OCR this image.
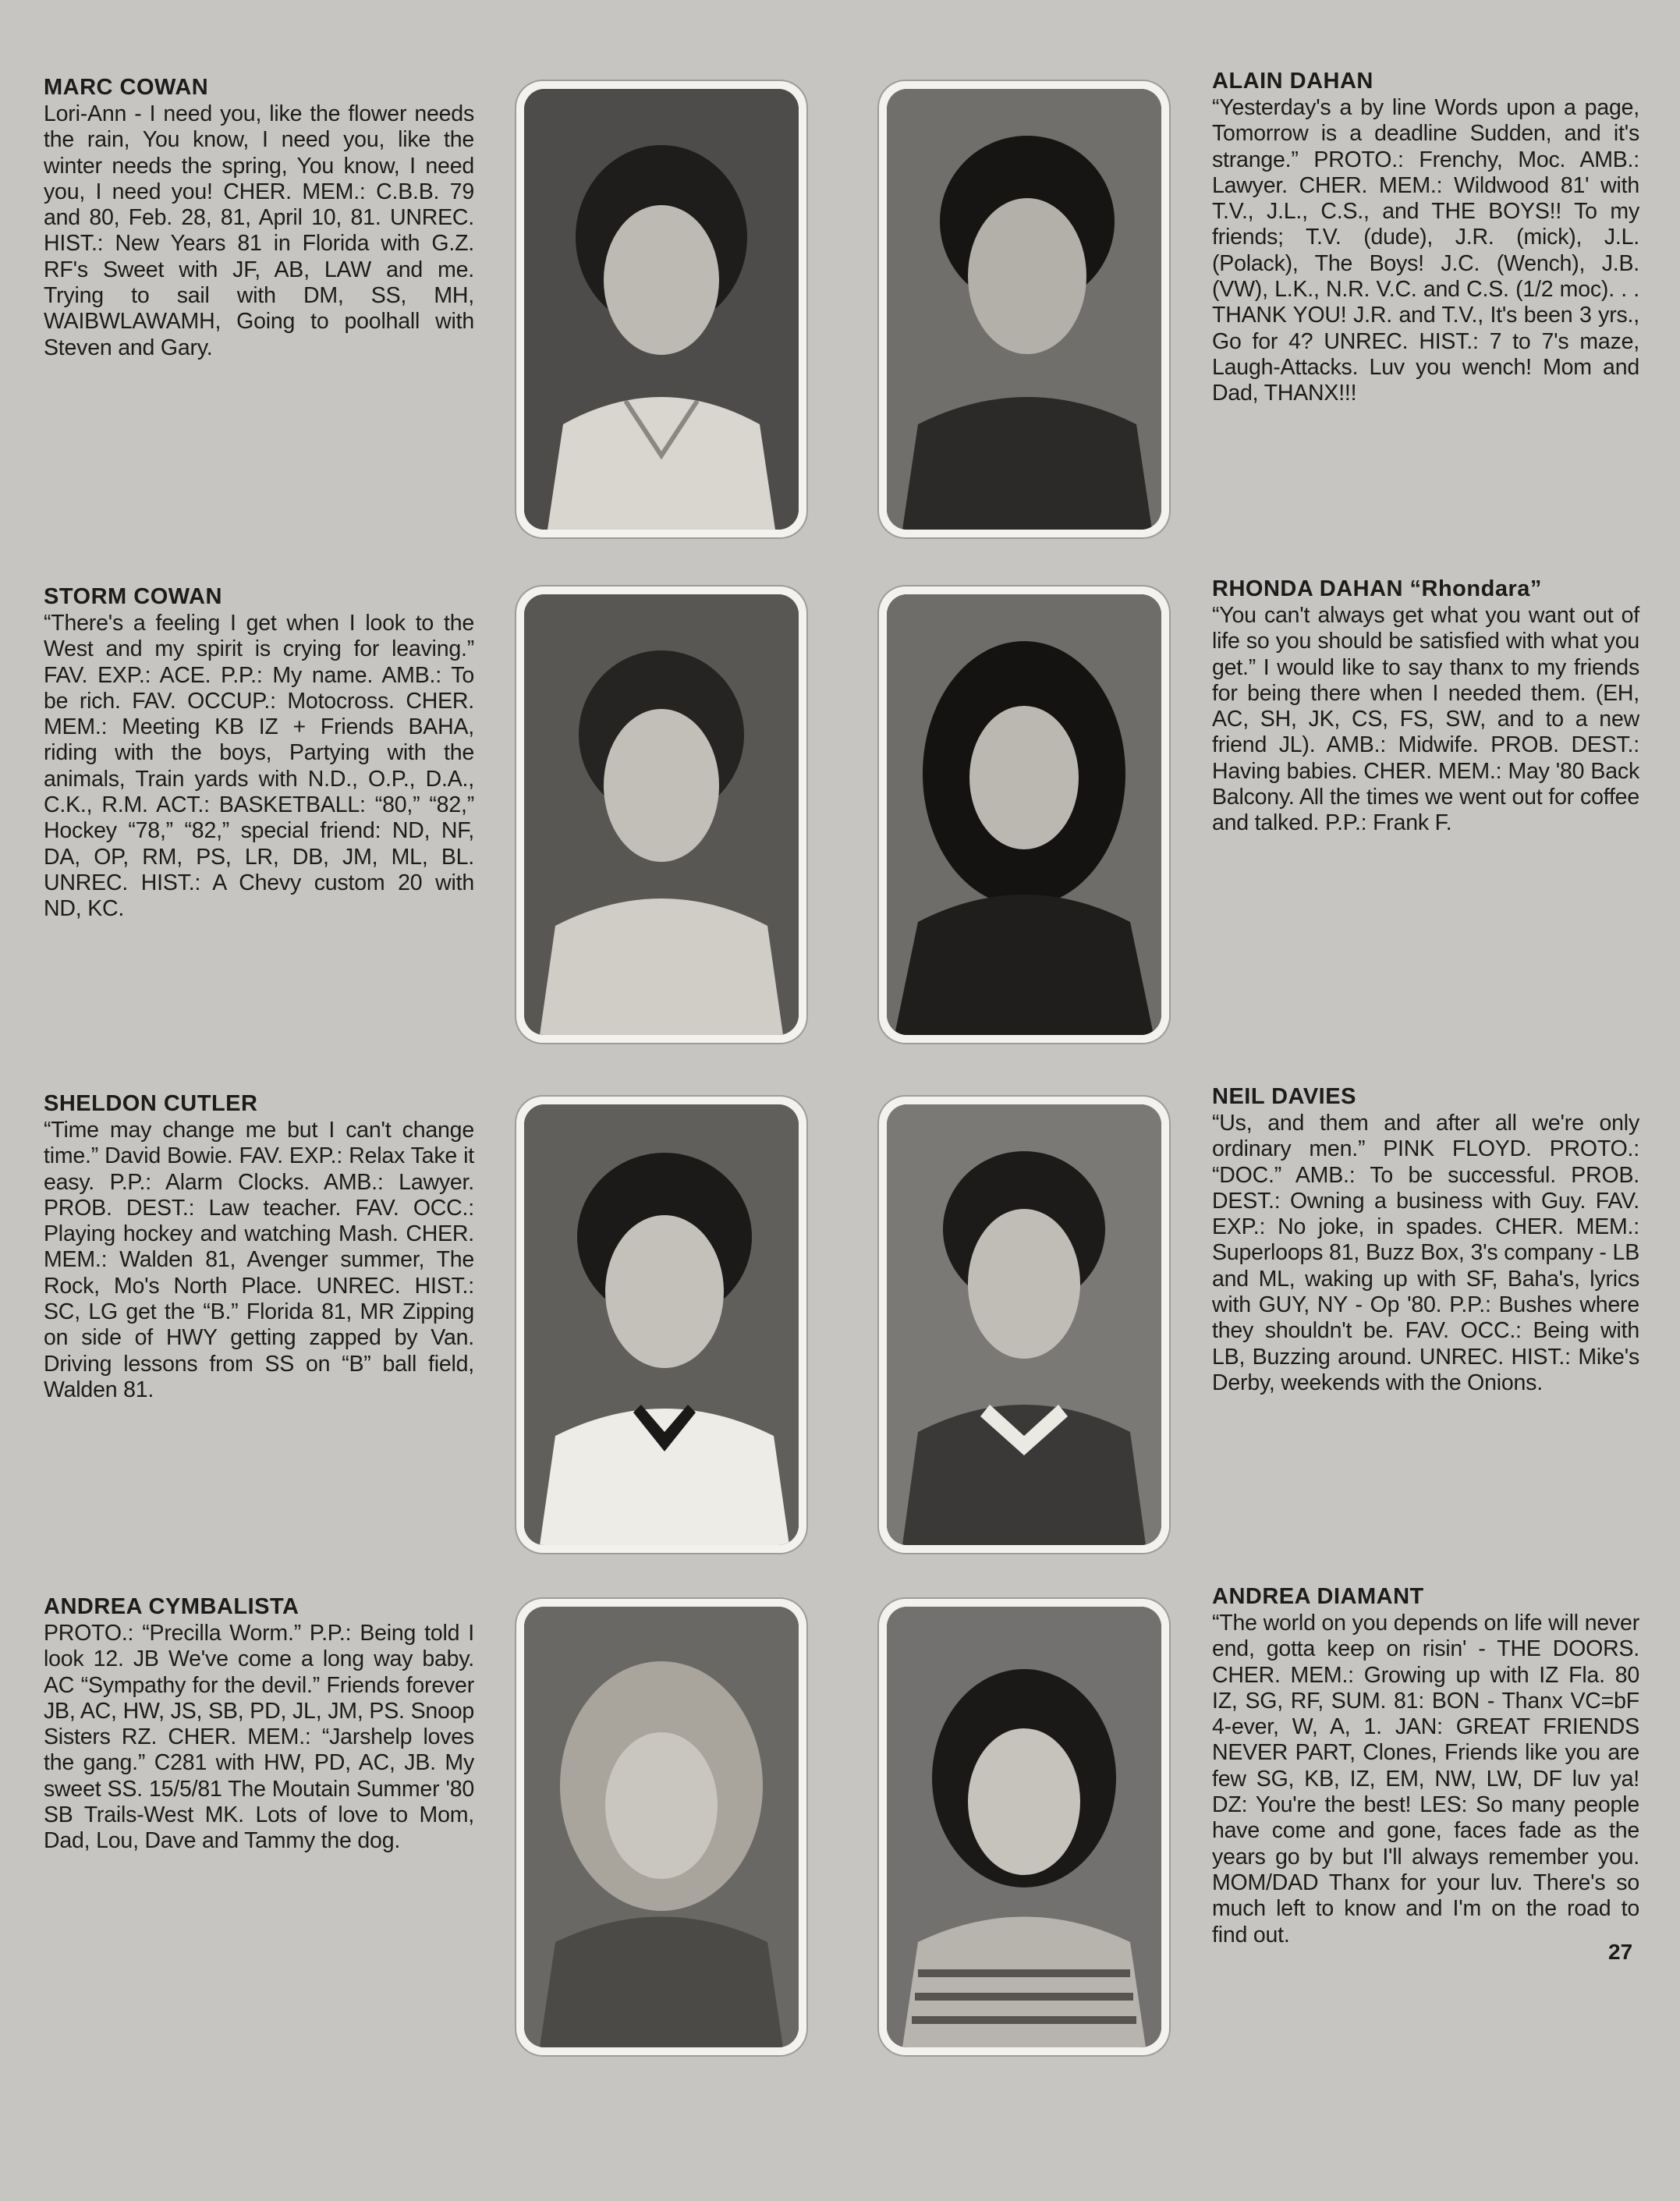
MARC COWAN

Lori-Ann - I need you, like the flower needs the rain, You know, I need you, like the winter needs the spring, You know, I need you, I need you! CHER. MEM.: C.B.B. 79 and 80, Feb. 28, 81, April 10, 81. UNREC. HIST.: New Years 81 in Florida with G.Z. RF's Sweet with JF, AB, LAW and me. Trying to sail with DM, SS, MH, WAIBWLAWAMH, Going to poolhall with Steven and Gary.

ALAIN DAHAN

“Yesterday's a by line Words upon a page, Tomorrow is a deadline Sudden, and it's strange.” PROTO.: Frenchy, Moc. AMB.: Lawyer. CHER. MEM.: Wildwood 81' with T.V., J.L., C.S., and THE BOYS!! To my friends; T.V. (dude), J.R. (mick), J.L. (Polack), The Boys! J.C. (Wench), J.B. (VW), L.K., N.R. V.C. and C.S. (1/2 moc). . . THANK YOU! J.R. and T.V., It's been 3 yrs., Go for 4? UNREC. HIST.: 7 to 7's maze, Laugh-Attacks. Luv you wench! Mom and Dad, THANX!!!

STORM COWAN

“There's a feeling I get when I look to the West and my spirit is crying for leaving.” FAV. EXP.: ACE. P.P.: My name. AMB.: To be rich. FAV. OCCUP.: Motocross. CHER. MEM.: Meeting KB IZ + Friends BAHA, riding with the boys, Partying with the animals, Train yards with N.D., O.P., D.A., C.K., R.M. ACT.: BASKETBALL: “80,” “82,” Hockey “78,” “82,” special friend: ND, NF, DA, OP, RM, PS, LR, DB, JM, ML, BL. UNREC. HIST.: A Chevy custom 20 with ND, KC.

RHONDA DAHAN “Rhondara”

“You can't always get what you want out of life so you should be satisfied with what you get.” I would like to say thanx to my friends for being there when I needed them. (EH, AC, SH, JK, CS, FS, SW, and to a new friend JL). AMB.: Midwife. PROB. DEST.: Having babies. CHER. MEM.: May '80 Back Balcony. All the times we went out for coffee and talked. P.P.: Frank F.

SHELDON CUTLER

“Time may change me but I can't change time.” David Bowie. FAV. EXP.: Relax Take it easy. P.P.: Alarm Clocks. AMB.: Lawyer. PROB. DEST.: Law teacher. FAV. OCC.: Playing hockey and watching Mash. CHER. MEM.: Walden 81, Avenger summer, The Rock, Mo's North Place. UNREC. HIST.: SC, LG get the “B.” Florida 81, MR Zipping on side of HWY getting zapped by Van. Driving lessons from SS on “B” ball field, Walden 81.

NEIL DAVIES

“Us, and them and after all we're only ordinary men.” PINK FLOYD. PROTO.: “DOC.” AMB.: To be successful. PROB. DEST.: Owning a business with Guy. FAV. EXP.: No joke, in spades. CHER. MEM.: Superloops 81, Buzz Box, 3's company - LB and ML, waking up with SF, Baha's, lyrics with GUY, NY - Op '80. P.P.: Bushes where they shouldn't be. FAV. OCC.: Being with LB, Buzzing around. UNREC. HIST.: Mike's Derby, weekends with the Onions.

ANDREA CYMBALISTA

PROTO.: “Precilla Worm.” P.P.: Being told I look 12. JB We've come a long way baby. AC “Sympathy for the devil.” Friends forever JB, AC, HW, JS, SB, PD, JL, JM, PS. Snoop Sisters RZ. CHER. MEM.: “Jarshelp loves the gang.” C281 with HW, PD, AC, JB. My sweet SS. 15/5/81 The Moutain Summer '80 SB Trails-West MK. Lots of love to Mom, Dad, Lou, Dave and Tammy the dog.

ANDREA DIAMANT

“The world on you depends on life will never end, gotta keep on risin' - THE DOORS. CHER. MEM.: Growing up with IZ Fla. 80 IZ, SG, RF, SUM. 81: BON - Thanx VC=bF 4-ever, W, A, 1. JAN: GREAT FRIENDS NEVER PART, Clones, Friends like you are few SG, KB, IZ, EM, NW, LW, DF luv ya! DZ: You're the best! LES: So many people have come and gone, faces fade as the years go by but I'll always remember you. MOM/DAD Thanx for your luv. There's so much left to know and I'm on the road to find out.

27
